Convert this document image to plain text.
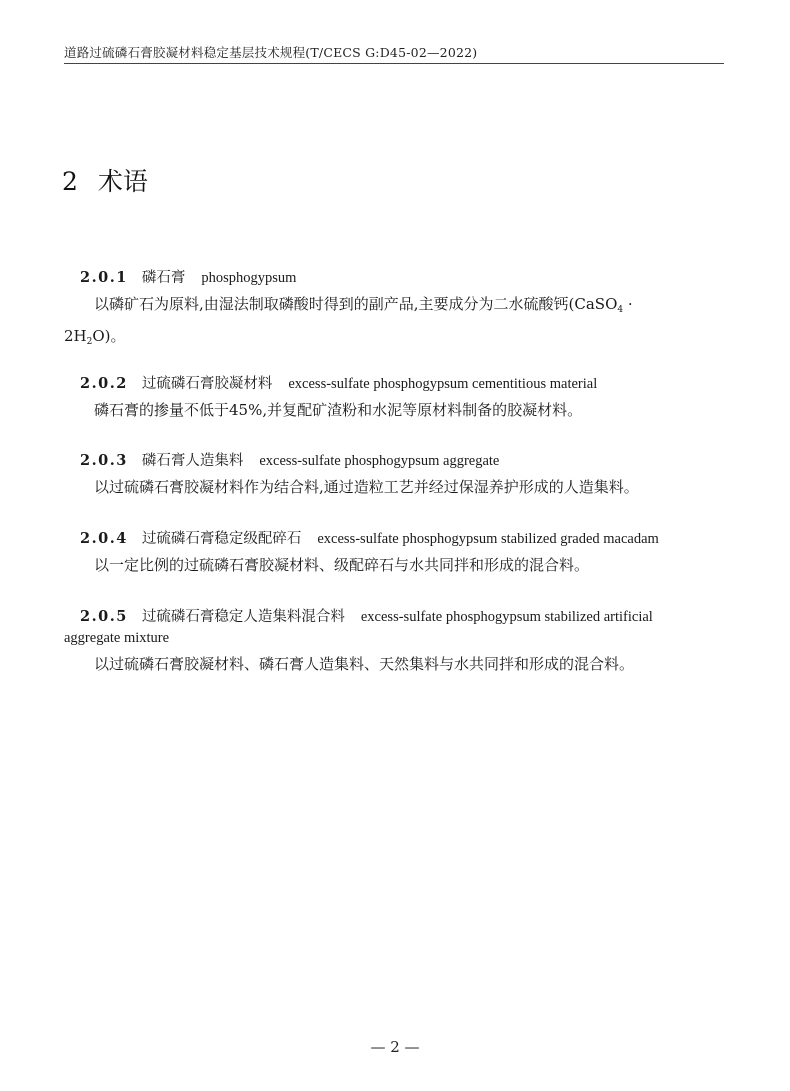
道路过硫磷石膏胶凝材料稳定基层技术规程(T/CECS G:D45-02—2022)
2 术语
2.0.1 磷石膏 phosphogypsum
以磷矿石为原料,由湿法制取磷酸时得到的副产品,主要成分为二水硫酸钙(CaSO$_4$ ·
$2H_2O$)。
2.0.2 过硫磷石膏胶凝材料 excess-sulfate phosphogypsum cementitious material
磷石膏的掺量不低于45%,并复配矿渣粉和水泥等原材料制备的胶凝材料。
2.0.3 磷石膏人造集料 excess-sulfate phosphogypsum aggregate
以过硫磷石膏胶凝材料作为结合料,通过造粒工艺并经过保湿养护形成的人造集料。
2.0.4 过硫磷石膏稳定级配碎石 excess-sulfate phosphogypsum stabilized graded macadam
以一定比例的过硫磷石膏胶凝材料、级配碎石与水共同拌和形成的混合料。
2.0.5 过硫磷石膏稳定人造集料混合料 excess-sulfate phosphogypsum stabilized artificial
aggregate mixture
以过硫磷石膏胶凝材料、磷石膏人造集料、天然集料与水共同拌和形成的混合料。
— 2 —
